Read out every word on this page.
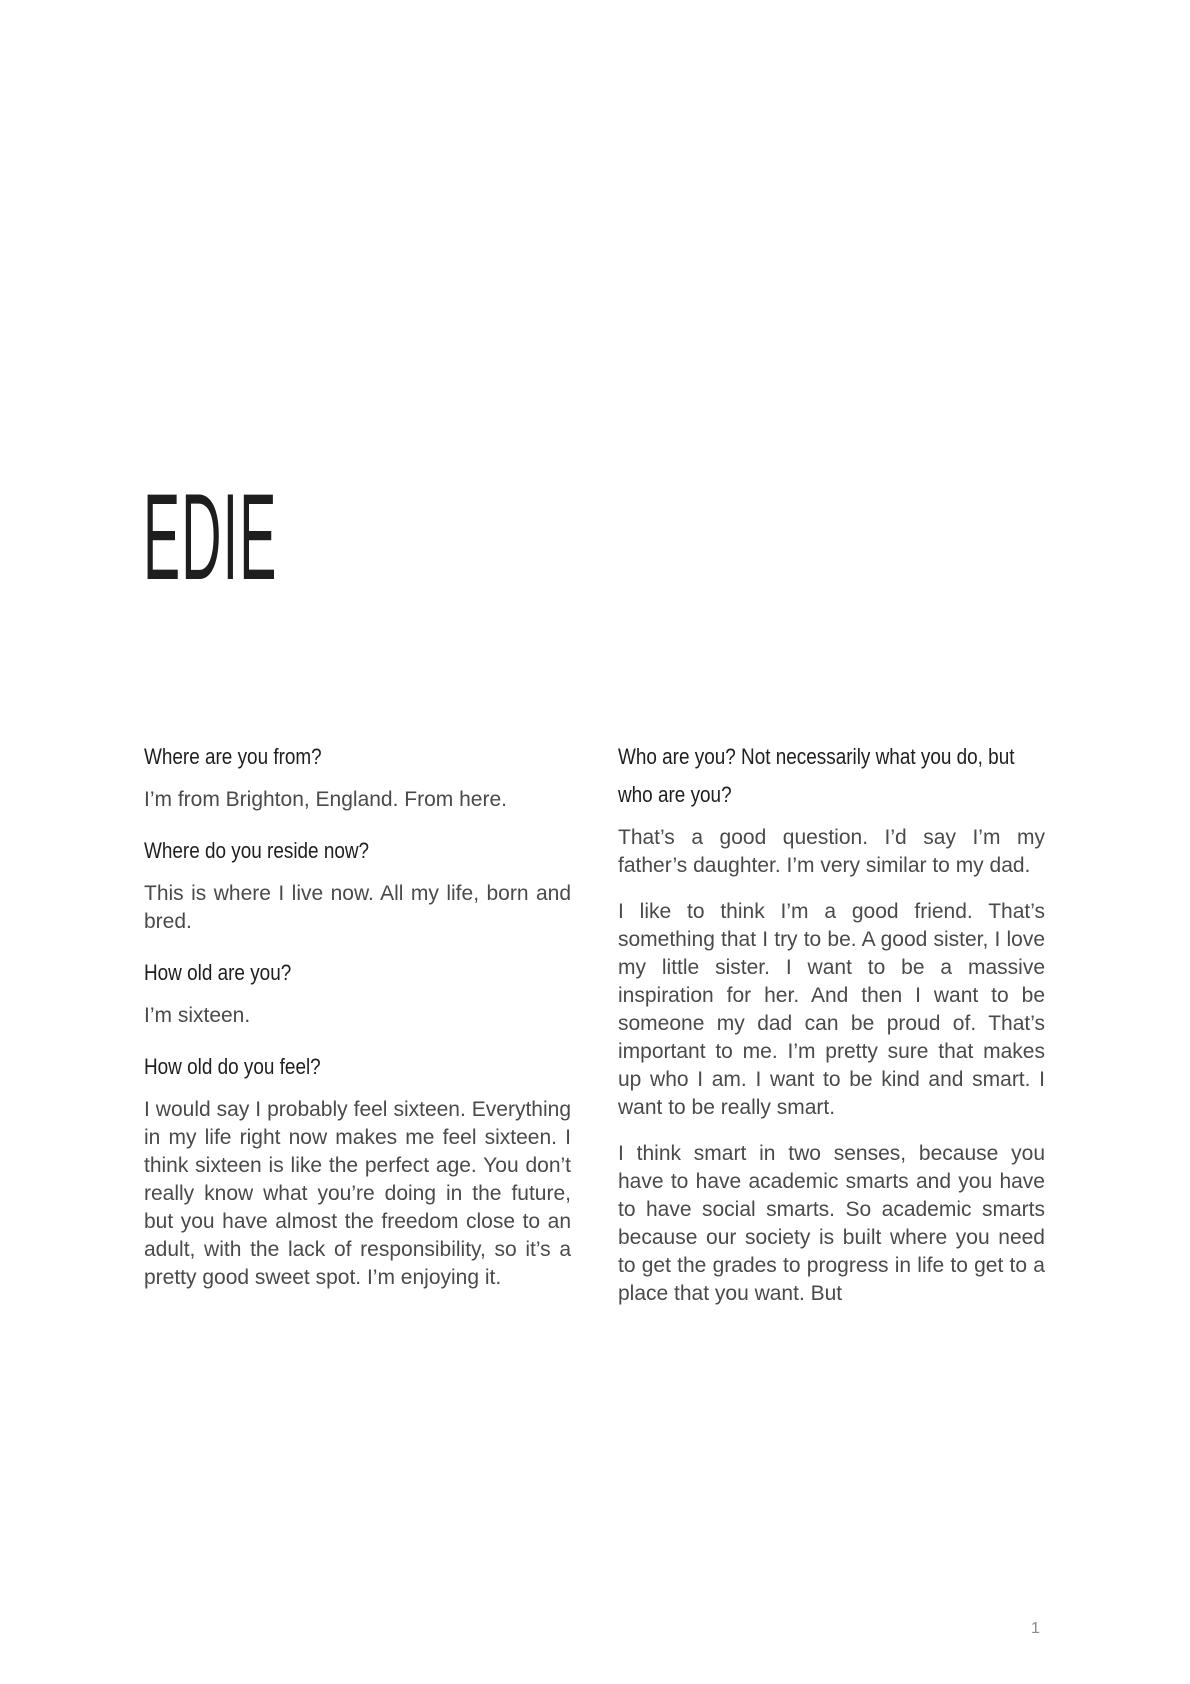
EDIE
Where are you from?

I’m from Brighton, England. From here.

Where do you reside now?

This is where I live now. All my life, born and bred.

How old are you?

I’m sixteen.

How old do you feel?

I would say I probably feel sixteen. Everything in my life right now makes me feel sixteen. I think sixteen is like the perfect age. You don’t really know what you’re doing in the future, but you have almost the freedom close to an adult, with the lack of responsibility, so it’s a pretty good sweet spot. I’m enjoying it.

Who are you? Not necessarily what you do, but who are you?

That’s a good question. I’d say I’m my father’s daughter. I’m very similar to my dad.

I like to think I’m a good friend. That’s something that I try to be. A good sister, I love my little sister. I want to be a massive inspiration for her. And then I want to be someone my dad can be proud of. That’s important to me. I’m pretty sure that makes up who I am. I want to be kind and smart. I want to be really smart.

I think smart in two senses, because you have to have academic smarts and you have to have social smarts. So academic smarts because our society is built where you need to get the grades to progress in life to get to a place that you want. But

1
